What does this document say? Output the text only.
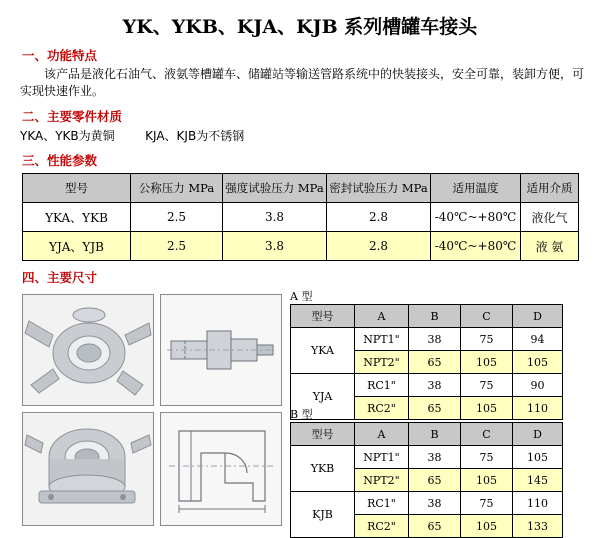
YK、YKB、KJA、KJB 系列槽罐车接头
一、功能特点
该产品是液化石油气、液氨等槽罐车、储罐站等输送管路系统中的快装接头，安全可靠，装卸方便，可实现快速作业。
二、主要零件材质
YKA、YKB为黄铜        KJA、KJB为不锈钢
三、性能参数
型号	公称压力 MPa	强度试验压力 MPa	密封试验压力 MPa	适用温度	适用介质
YKA、YKB	2.5	3.8	2.8	-40℃~+80℃	液化气
YJA、YJB	2.5	3.8	2.8	-40℃~+80℃	液 氨
四、主要尺寸
A 型
型号	A	B	C	D
YKA	NPT1"	38	75	94
	NPT2"	65	105	105
YJA	RC1"	38	75	90
	RC2"	65	105	110
B 型
型号	A	B	C	D
YKB	NPT1"	38	75	105
	NPT2"	65	105	145
KJB	RC1"	38	75	110
	RC2"	65	105	133
